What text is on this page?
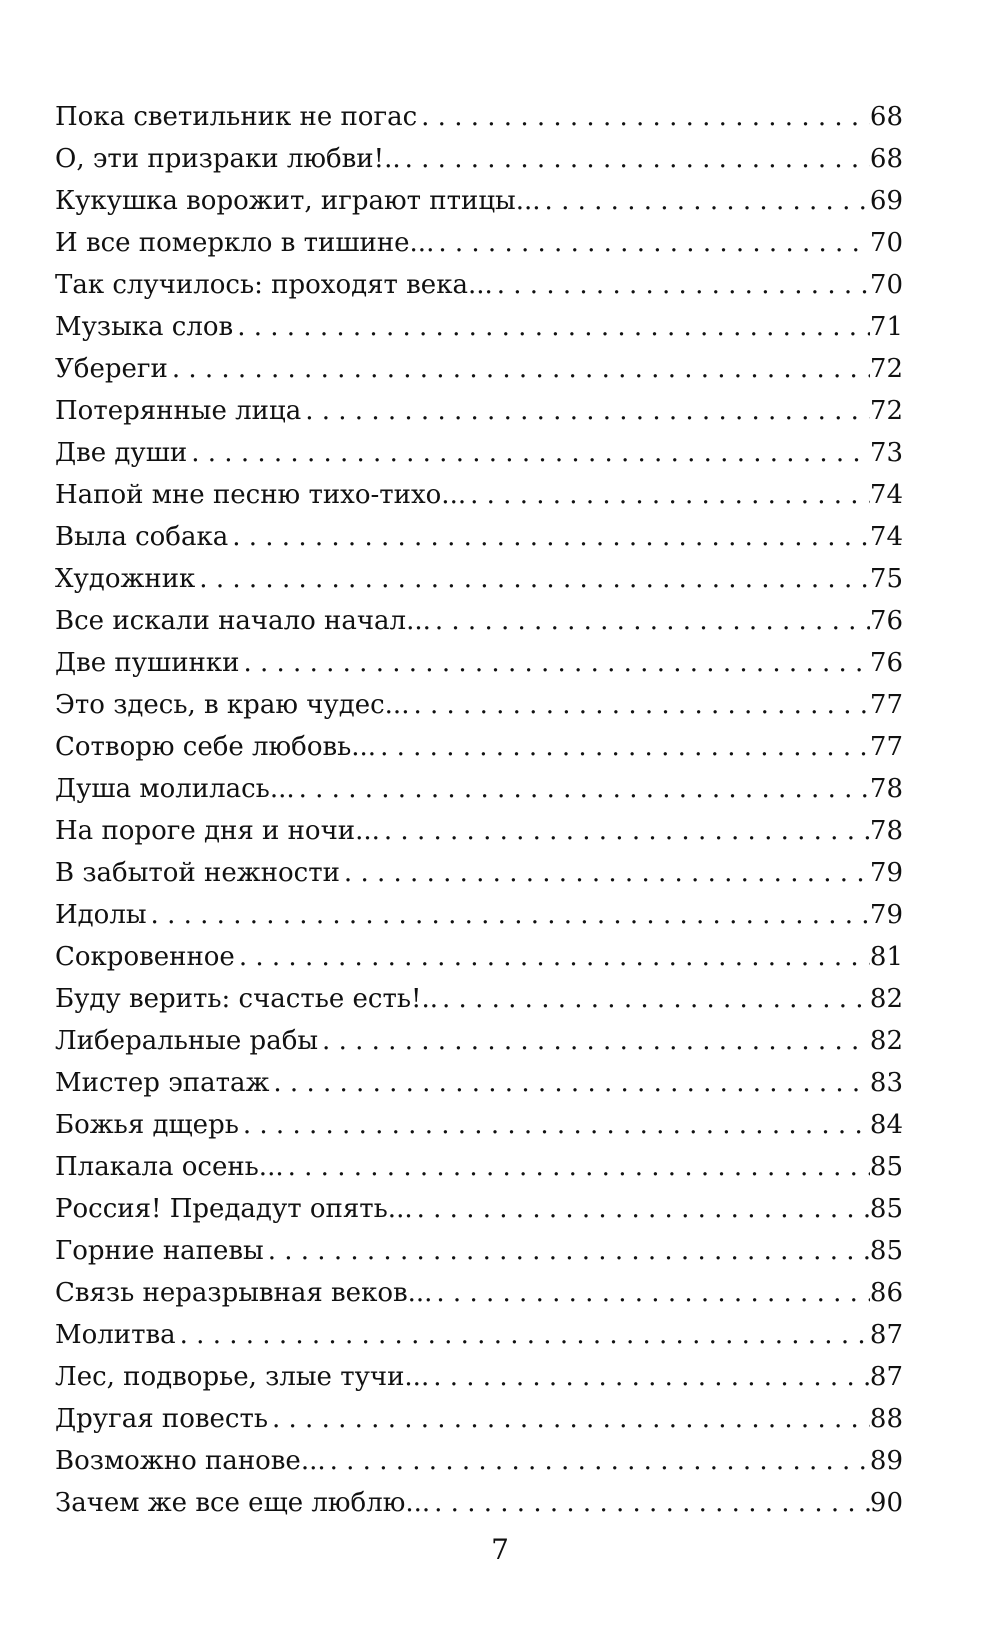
Пока светильник не погас . . .	68
О, эти призраки любви!.. . . .	68
Кукушка ворожит, играют птицы... . . .	69
И все померкло в тишине... . . .	70
Так случилось: проходят века... . . .	70
Музыка слов . . .	71
Убереги . . .	72
Потерянные лица . . .	72
Две души . . .	73
Напой мне песню тихо-тихо... . . .	74
Выла собака . . .	74
Художник . . .	75
Все искали начало начал... . . .	76
Две пушинки . . .	76
Это здесь, в краю чудес... . . .	77
Сотворю себе любовь... . . .	77
Душа молилась... . . .	78
На пороге дня и ночи... . . .	78
В забытой нежности . . .	79
Идолы . . .	79
Сокровенное . . .	81
Буду верить: счастье есть!.. . . .	82
Либеральные рабы . . .	82
Мистер эпатаж . . .	83
Божья дщерь . . .	84
Плакала осень... . . .	85
Россия! Предадут опять... . . .	85
Горние напевы . . .	85
Связь неразрывная веков... . . .	86
Молитва . . .	87
Лес, подворье, злые тучи... . . .	87
Другая повесть . . .	88
Возможно панове... . . .	89
Зачем же все еще люблю... . . .	90
7
